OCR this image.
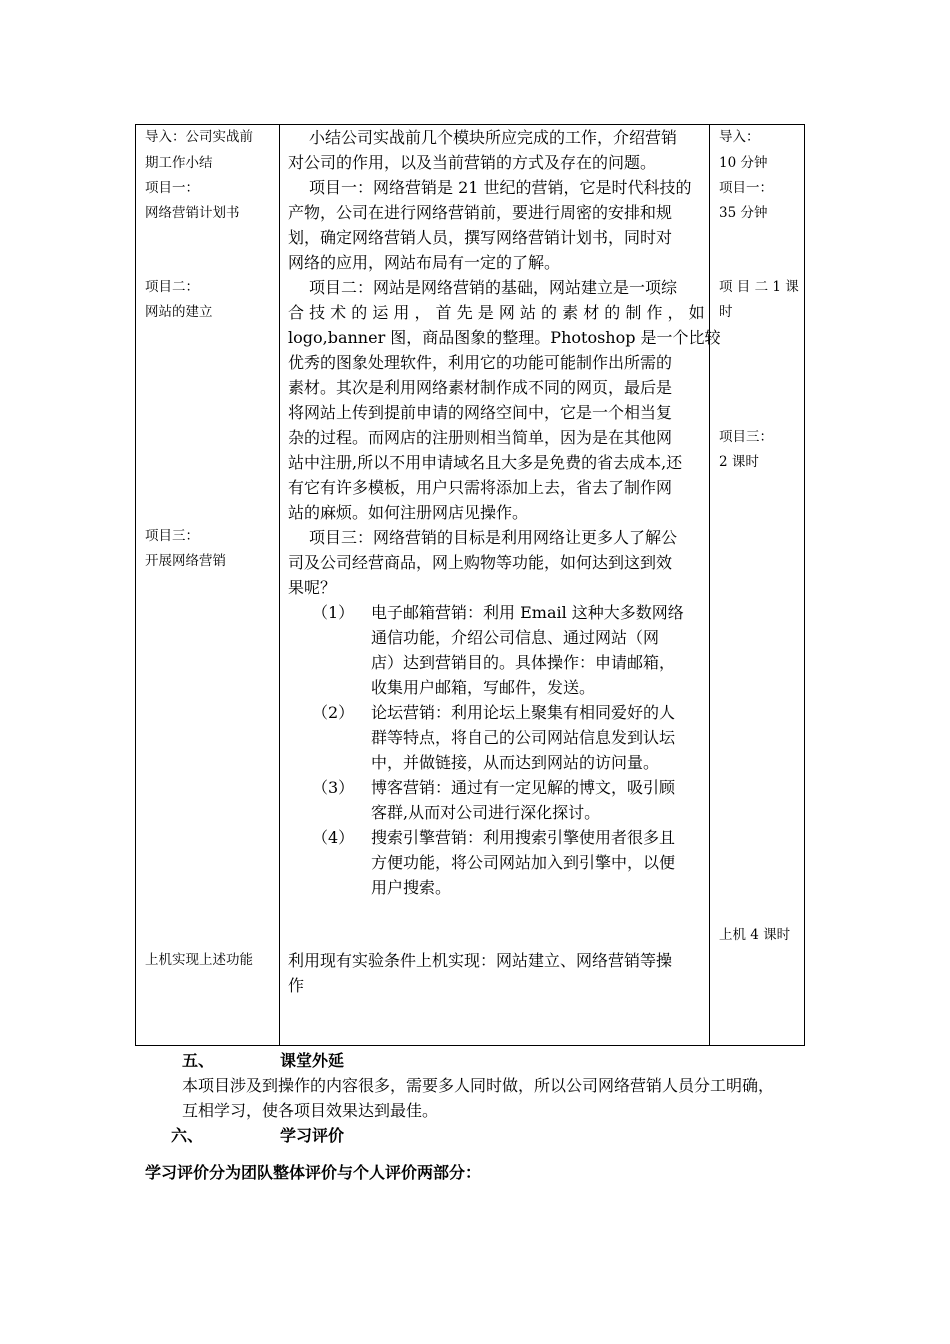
导入：公司实战前
期工作小结
项目一：
网络营销计划书
项目二：
网站的建立
项目三：
开展网络营销
上机实现上述功能
小结公司实战前几个模块所应完成的工作，介绍营销
对公司的作用，以及当前营销的方式及存在的问题。
项目一：网络营销是 21 世纪的营销，它是时代科技的
产物，公司在进行网络营销前，要进行周密的安排和规
划，确定网络营销人员，撰写网络营销计划书，同时对
网络的应用，网站布局有一定的了解。
项目二：网站是网络营销的基础，网站建立是一项综
合 技 术 的 运 用 ， 首 先 是 网 站 的 素 材 的 制 作 ， 如
logo,banner 图，商品图象的整理。Photoshop 是一个比较
优秀的图象处理软件，利用它的功能可能制作出所需的
素材。其次是利用网络素材制作成不同的网页，最后是
将网站上传到提前申请的网络空间中，它是一个相当复
杂的过程。而网店的注册则相当简单，因为是在其他网
站中注册,所以不用申请域名且大多是免费的省去成本,还
有它有许多模板，用户只需将添加上去，省去了制作网
站的麻烦。如何注册网店见操作。
项目三：网络营销的目标是利用网络让更多人了解公
司及公司经营商品，网上购物等功能，如何达到这到效
果呢？
（1） 电子邮箱营销：利用 Email 这种大多数网络
通信功能，介绍公司信息、通过网站（网
店）达到营销目的。具体操作：申请邮箱，
收集用户邮箱，写邮件，发送。
（2） 论坛营销：利用论坛上聚集有相同爱好的人
群等特点，将自己的公司网站信息发到认坛
中，并做链接，从而达到网站的访问量。
（3） 博客营销：通过有一定见解的博文，吸引顾
客群,从而对公司进行深化探讨。
（4） 搜索引擎营销：利用搜索引擎使用者很多且
方便功能，将公司网站加入到引擎中，以便
用户搜索。
利用现有实验条件上机实现：网站建立、网络营销等操
作
导入：
10 分钟
项目一：
35 分钟
项 目 二 1 课
时
项目三：
2 课时
上机 4 课时
五、	课堂外延
本项目涉及到操作的内容很多，需要多人同时做，所以公司网络营销人员分工明确，
互相学习，使各项目效果达到最佳。
六、	学习评价
学习评价分为团队整体评价与个人评价两部分：
